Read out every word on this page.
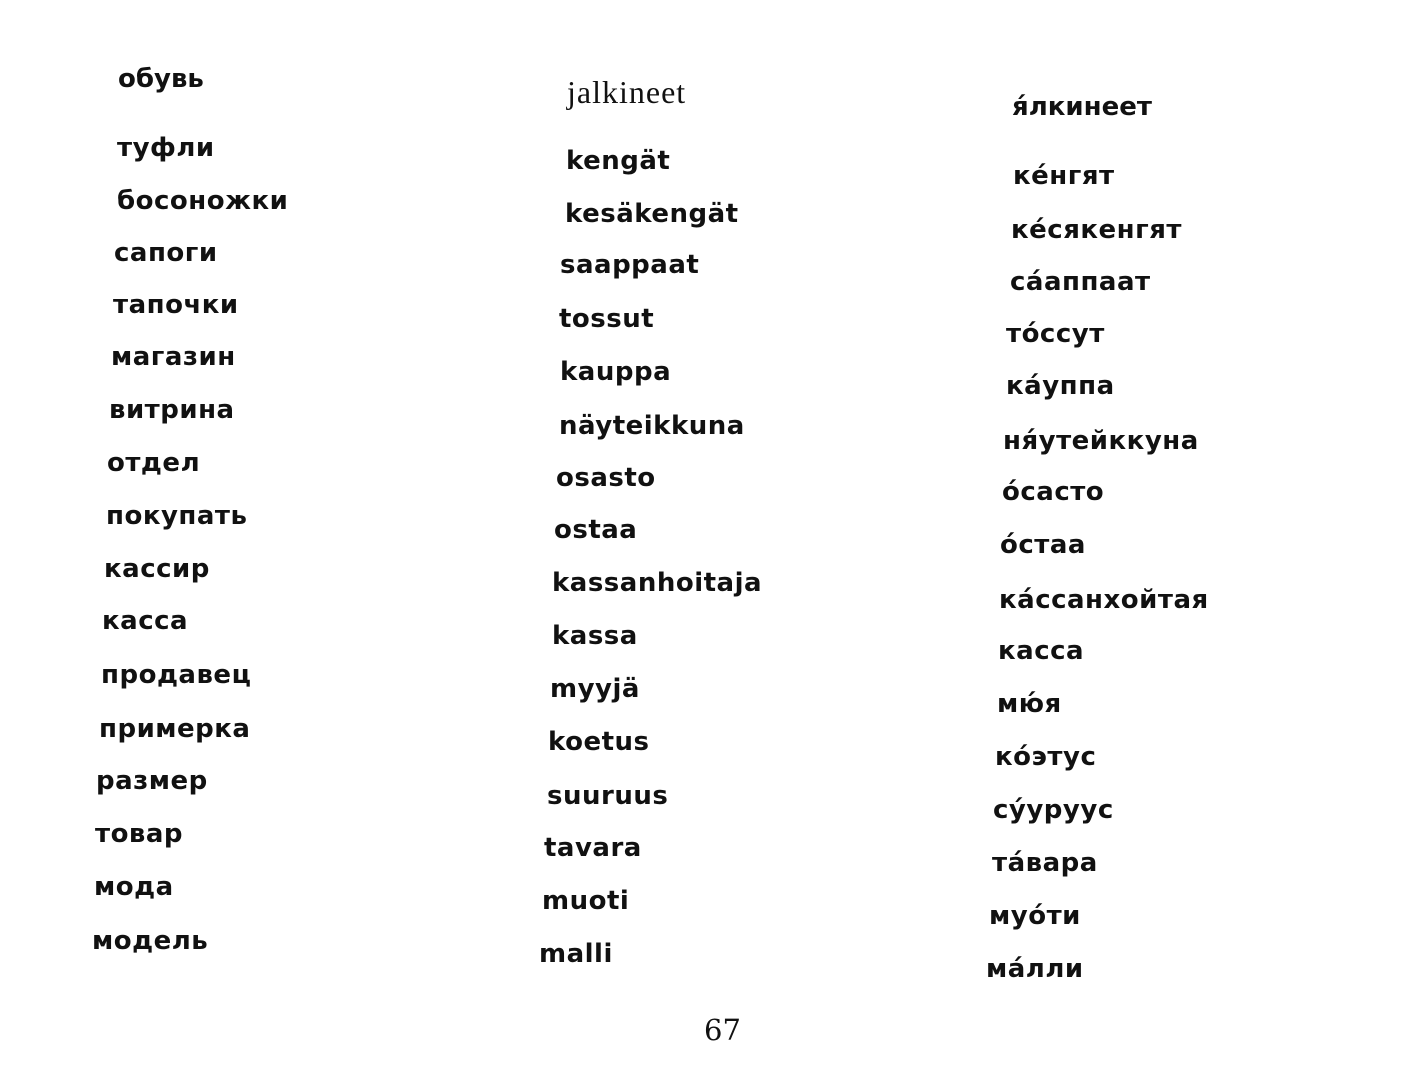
обувь
туфли
босоножки
сапоги
тапочки
магазин
витрина
отдел
покупать
кассир
касса
продавец
примерка
размер
товар
мода
модель
jalkineet
kengät
kesäkengät
saappaat
tossut
kauppa
näyteikkuna
osasto
ostaa
kassanhoitaja
kassa
myyjä
koetus
suuruus
tavara
muoti
malli
я́лкинеет
ке́нгят
ке́сякенгят
са́аппаат
то́ссут
ка́уппа
ня́утейккуна
о́састо
о́стаа
ка́ссанхойтая
касса
мю́я
ко́этус
су́уруус
та́вара
муо́ти
ма́лли
67
